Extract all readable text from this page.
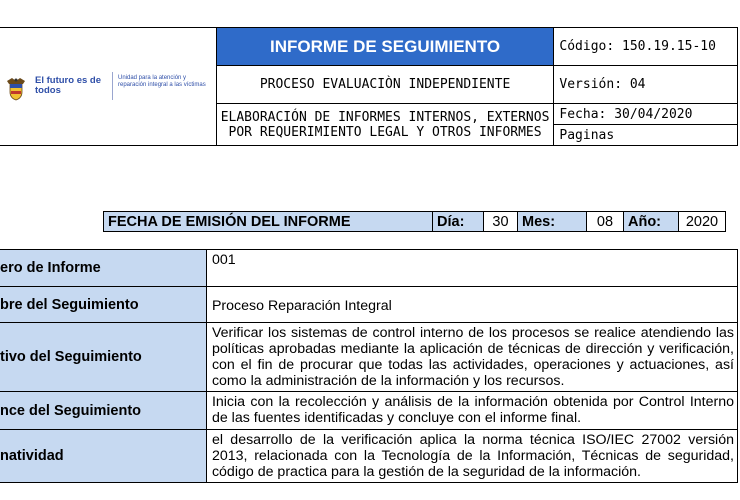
El futuro es de todos
Unidad para la atención y reparación integral a las víctimas	INFORME DE SEGUIMIENTO	Código: 150.19.15-10
	PROCESO EVALUACIÒN INDEPENDIENTE	Versión: 04
	ELABORACIÓN DE INFORMES INTERNOS, EXTERNOS POR REQUERIMIENTO LEGAL Y OTROS INFORMES	Fecha: 30/04/2020
		Paginas
FECHA DE EMISIÓN DEL INFORME	Día:	30	Mes:	08	Año:	2020
ero de Informe	001

bre del Seguimiento	Proceso Reparación Integral

tivo del Seguimiento	Verificar los sistemas de control interno de los procesos se realice atendiendo las políticas aprobadas mediante la aplicación de técnicas de dirección y verificación, con el fin de procurar que todas las actividades, operaciones y actuaciones, así como la administración de la información y los recursos.

nce del Seguimiento	Inicia con la recolección y análisis de la información obtenida por Control Interno de las fuentes identificadas y concluye con el informe final.

natividad	el desarrollo de la verificación aplica la norma técnica ISO/IEC 27002 versión 2013, relacionada con la Tecnología de la Información, Técnicas de seguridad, código de practica para la gestión de la seguridad de la información.
